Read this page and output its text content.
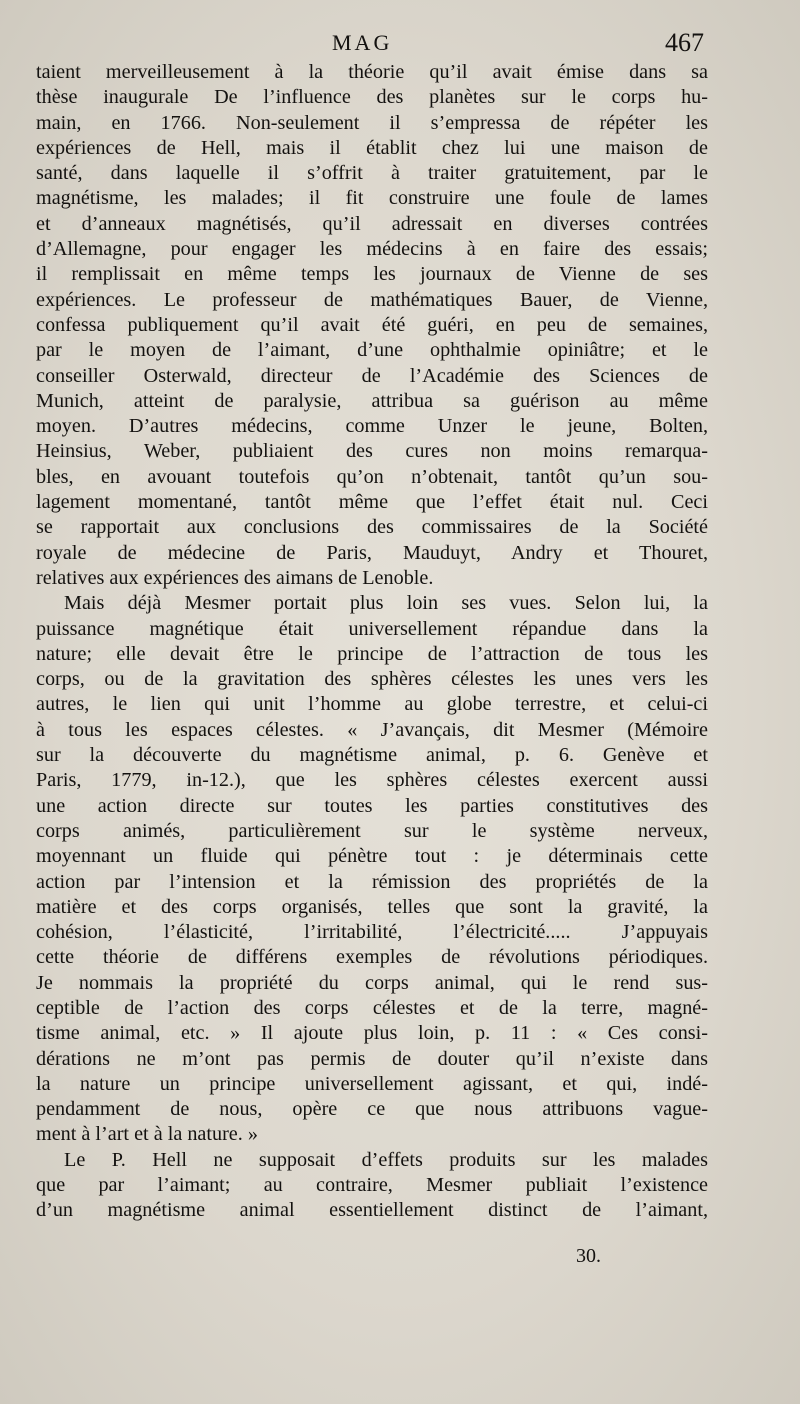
MAG	467
taient merveilleusement à la théorie qu’il avait émise dans sa
thèse inaugurale De l’influence des planètes sur le corps hu-
main, en 1766. Non-seulement il s’empressa de répéter les
expériences de Hell, mais il établit chez lui une maison de
santé, dans laquelle il s’offrit à traiter gratuitement, par le
magnétisme, les malades; il fit construire une foule de lames
et d’anneaux magnétisés, qu’il adressait en diverses contrées
d’Allemagne, pour engager les médecins à en faire des essais;
il remplissait en même temps les journaux de Vienne de ses
expériences. Le professeur de mathématiques Bauer, de Vienne,
confessa publiquement qu’il avait été guéri, en peu de semaines,
par le moyen de l’aimant, d’une ophthalmie opiniâtre; et le
conseiller Osterwald, directeur de l’Académie des Sciences de
Munich, atteint de paralysie, attribua sa guérison au même
moyen. D’autres médecins, comme Unzer le jeune, Bolten,
Heinsius, Weber, publiaient des cures non moins remarqua-
bles, en avouant toutefois qu’on n’obtenait, tantôt qu’un sou-
lagement momentané, tantôt même que l’effet était nul. Ceci
se rapportait aux conclusions des commissaires de la Société
royale de médecine de Paris, Mauduyt, Andry et Thouret,
relatives aux expériences des aimans de Lenoble.
Mais déjà Mesmer portait plus loin ses vues. Selon lui, la
puissance magnétique était universellement répandue dans la
nature; elle devait être le principe de l’attraction de tous les
corps, ou de la gravitation des sphères célestes les unes vers les
autres, le lien qui unit l’homme au globe terrestre, et celui-ci
à tous les espaces célestes. « J’avançais, dit Mesmer (Mémoire
sur la découverte du magnétisme animal, p. 6. Genève et
Paris, 1779, in-12.), que les sphères célestes exercent aussi
une action directe sur toutes les parties constitutives des
corps animés, particulièrement sur le système nerveux,
moyennant un fluide qui pénètre tout : je déterminais cette
action par l’intension et la rémission des propriétés de la
matière et des corps organisés, telles que sont la gravité, la
cohésion, l’élasticité, l’irritabilité, l’électricité..... J’appuyais
cette théorie de différens exemples de révolutions périodiques.
Je nommais la propriété du corps animal, qui le rend sus-
ceptible de l’action des corps célestes et de la terre, magné-
tisme animal, etc. » Il ajoute plus loin, p. 11 : « Ces consi-
dérations ne m’ont pas permis de douter qu’il n’existe dans
la nature un principe universellement agissant, et qui, indé-
pendamment de nous, opère ce que nous attribuons vague-
ment à l’art et à la nature. »
Le P. Hell ne supposait d’effets produits sur les malades
que par l’aimant; au contraire, Mesmer publiait l’existence
d’un magnétisme animal essentiellement distinct de l’aimant,
30.
